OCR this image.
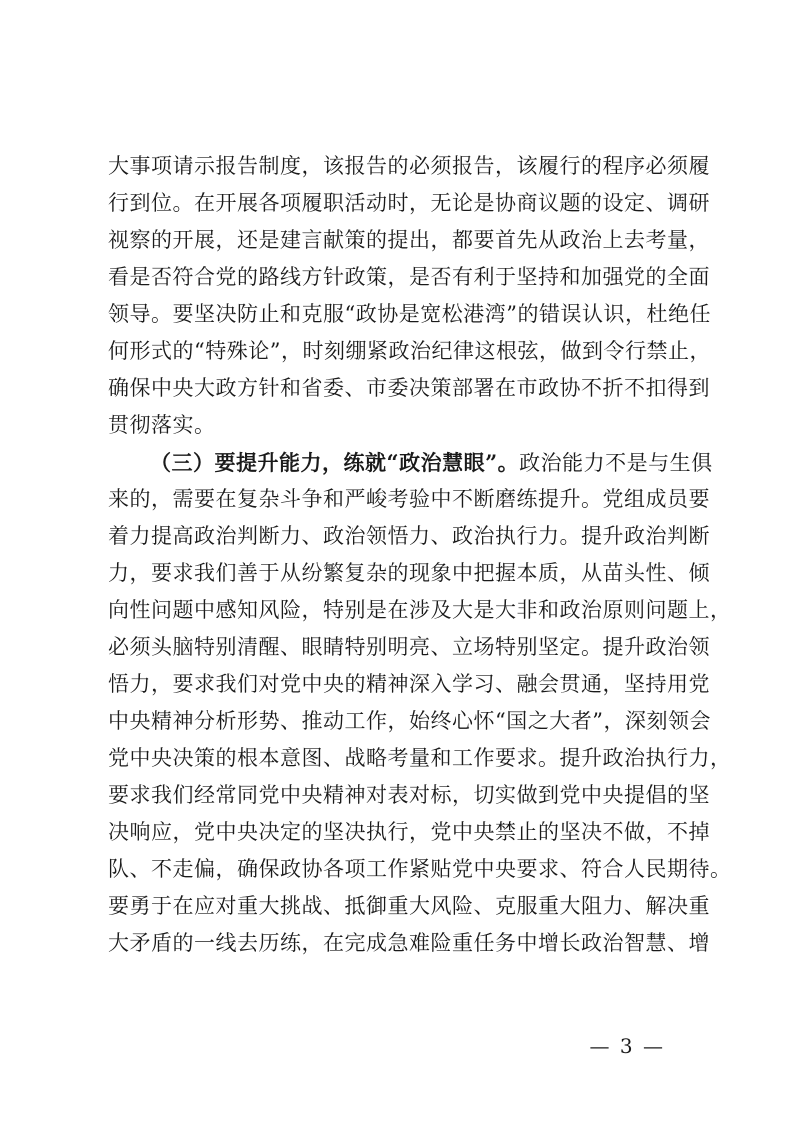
大事项请示报告制度，该报告的必须报告，该履行的程序必须履
行到位。在开展各项履职活动时，无论是协商议题的设定、调研
视察的开展，还是建言献策的提出，都要首先从政治上去考量，
看是否符合党的路线方针政策，是否有利于坚持和加强党的全面
领导。要坚决防止和克服“政协是宽松港湾”的错误认识，杜绝任
何形式的“特殊论”，时刻绷紧政治纪律这根弦，做到令行禁止，
确保中央大政方针和省委、市委决策部署在市政协不折不扣得到
贯彻落实。
（三）要提升能力，练就“政治慧眼”。政治能力不是与生俱
来的，需要在复杂斗争和严峻考验中不断磨练提升。党组成员要
着力提高政治判断力、政治领悟力、政治执行力。提升政治判断
力，要求我们善于从纷繁复杂的现象中把握本质，从苗头性、倾
向性问题中感知风险，特别是在涉及大是大非和政治原则问题上，
必须头脑特别清醒、眼睛特别明亮、立场特别坚定。提升政治领
悟力，要求我们对党中央的精神深入学习、融会贯通，坚持用党
中央精神分析形势、推动工作，始终心怀“国之大者”，深刻领会
党中央决策的根本意图、战略考量和工作要求。提升政治执行力，
要求我们经常同党中央精神对表对标，切实做到党中央提倡的坚
决响应，党中央决定的坚决执行，党中央禁止的坚决不做，不掉
队、不走偏，确保政协各项工作紧贴党中央要求、符合人民期待。
要勇于在应对重大挑战、抵御重大风险、克服重大阻力、解决重
大矛盾的一线去历练，在完成急难险重任务中增长政治智慧、增
— 3 —
